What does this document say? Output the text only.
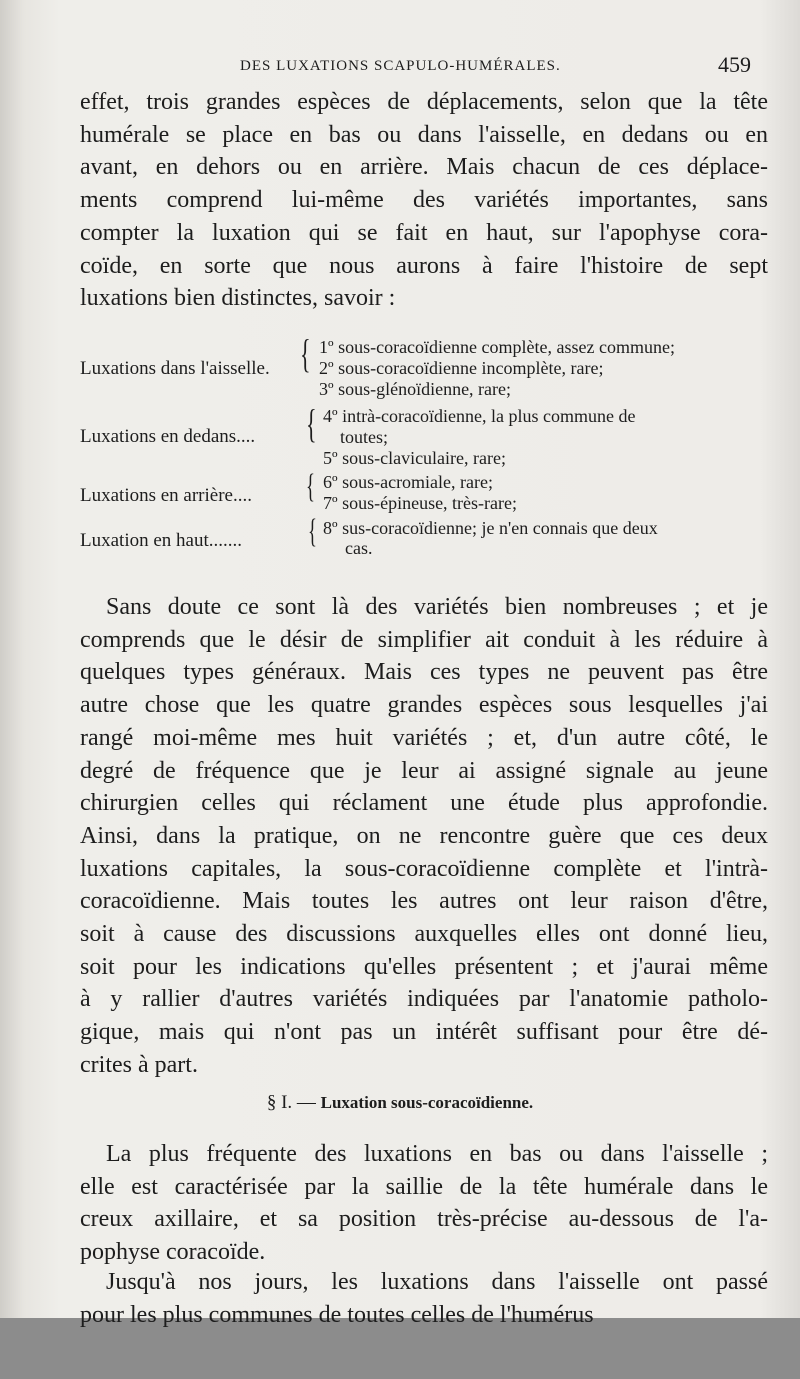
DES LUXATIONS SCAPULO-HUMÉRALES.	459
effet, trois grandes espèces de déplacements, selon que la tête
humérale se place en bas ou dans l'aisselle, en dedans ou en
avant, en dehors ou en arrière. Mais chacun de ces déplace-
ments comprend lui-même des variétés importantes, sans
compter la luxation qui se fait en haut, sur l'apophyse cora-
coïde, en sorte que nous aurons à faire l'histoire de sept
luxations bien distinctes, savoir :
Luxations dans l'aisselle. { 1º sous-coracoïdienne complète, assez commune;
2º sous-coracoïdienne incomplète, rare;
3º sous-glénoïdienne, rare;
Luxations en dedans.... { 4º intrà-coracoïdienne, la plus commune de
toutes;
5º sous-claviculaire, rare;
Luxations en arrière.... { 6º sous-acromiale, rare;
7º sous-épineuse, très-rare;
Luxation en haut....... { 8º sus-coracoïdienne; je n'en connais que deux
cas.
Sans doute ce sont là des variétés bien nombreuses ; et je
comprends que le désir de simplifier ait conduit à les réduire à
quelques types généraux. Mais ces types ne peuvent pas être
autre chose que les quatre grandes espèces sous lesquelles j'ai
rangé moi-même mes huit variétés ; et, d'un autre côté, le
degré de fréquence que je leur ai assigné signale au jeune
chirurgien celles qui réclament une étude plus approfondie.
Ainsi, dans la pratique, on ne rencontre guère que ces deux
luxations capitales, la sous-coracoïdienne complète et l'intrà-
coracoïdienne. Mais toutes les autres ont leur raison d'être,
soit à cause des discussions auxquelles elles ont donné lieu,
soit pour les indications qu'elles présentent ; et j'aurai même
à y rallier d'autres variétés indiquées par l'anatomie patholo-
gique, mais qui n'ont pas un intérêt suffisant pour être dé-
crites à part.
§ I. — Luxation sous-coracoïdienne.
La plus fréquente des luxations en bas ou dans l'aisselle ;
elle est caractérisée par la saillie de la tête humérale dans le
creux axillaire, et sa position très-précise au-dessous de l'a-
pophyse coracoïde.
Jusqu'à nos jours, les luxations dans l'aisselle ont passé
pour les plus communes de toutes celles de l'humérus
